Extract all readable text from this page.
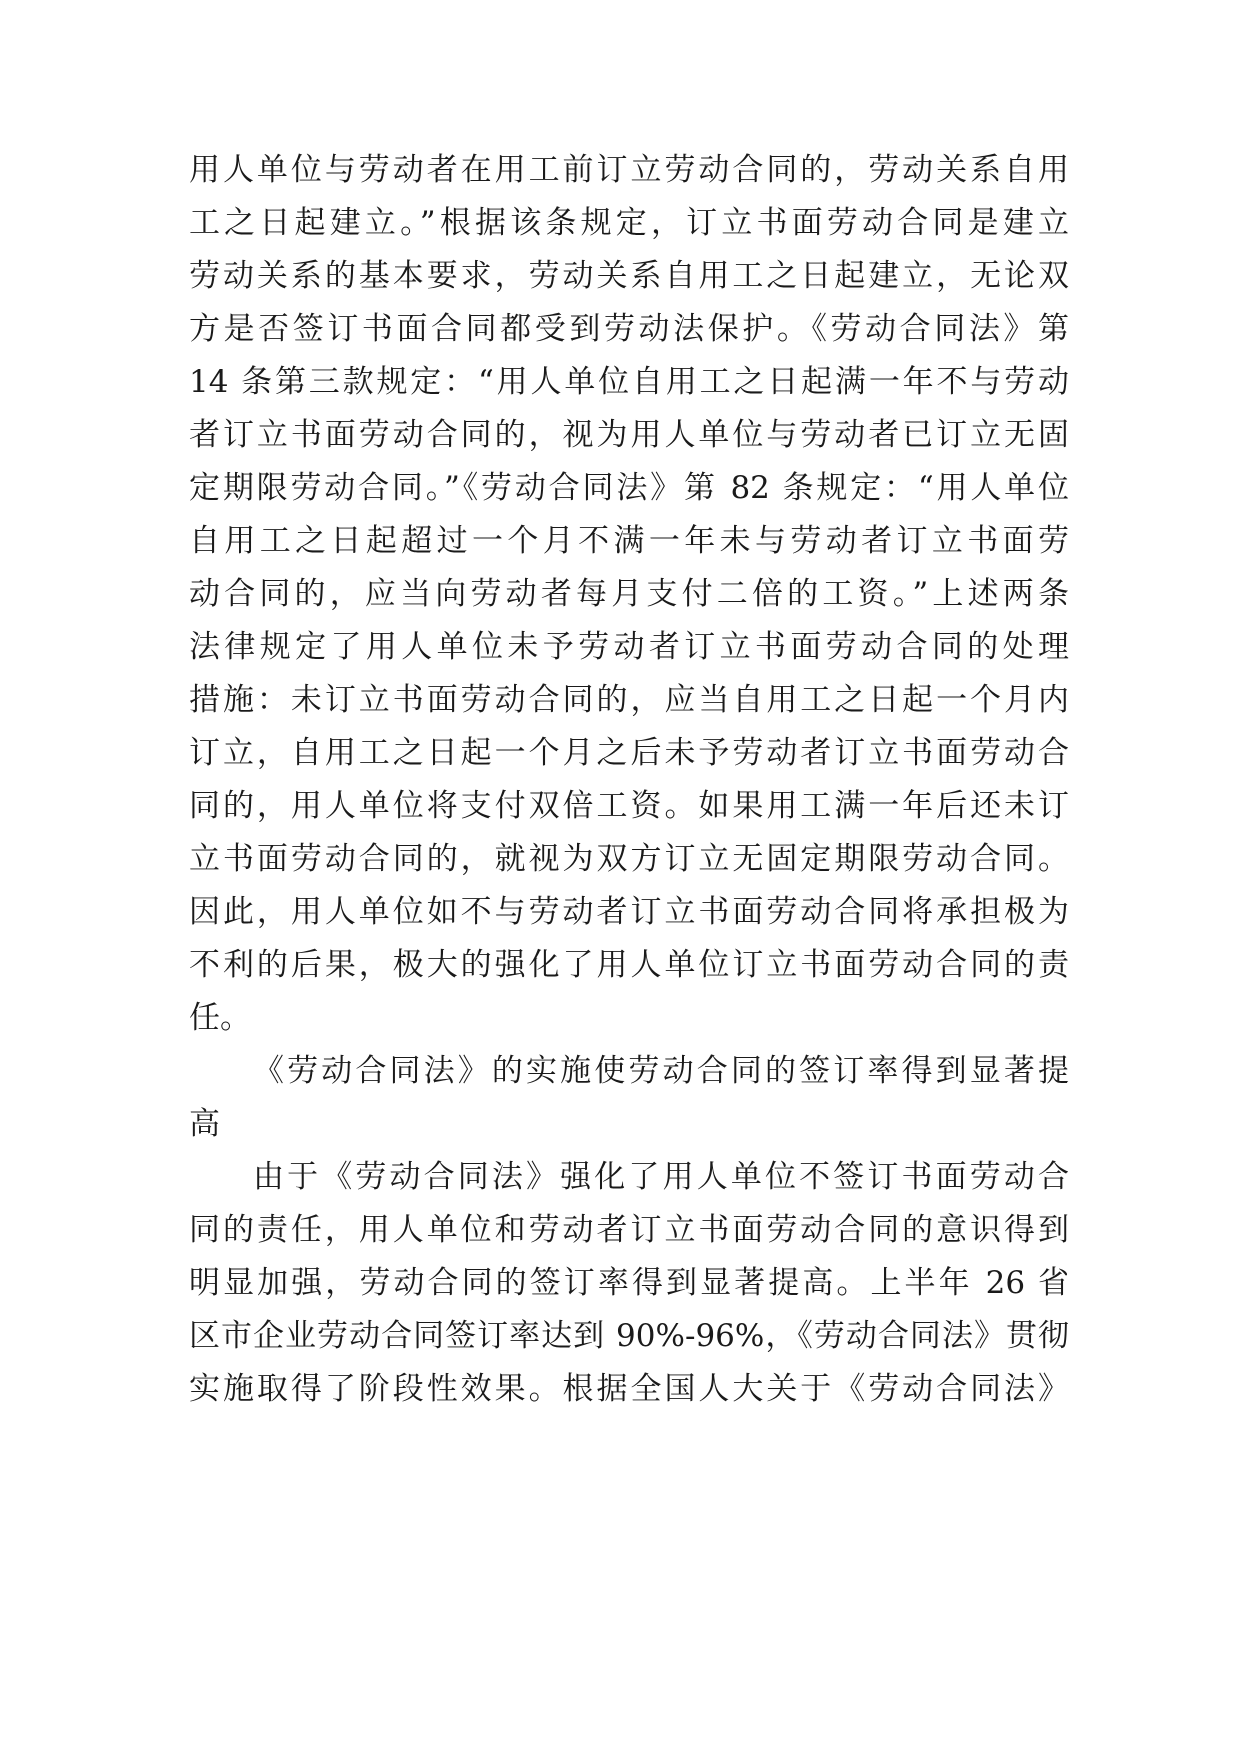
用人单位与劳动者在用工前订立劳动合同的，劳动关系自用
工之日起建立。”根据该条规定，订立书面劳动合同是建立
劳动关系的基本要求，劳动关系自用工之日起建立，无论双
方是否签订书面合同都受到劳动法保护。《劳动合同法》第
14 条第三款规定：“用人单位自用工之日起满一年不与劳动
者订立书面劳动合同的，视为用人单位与劳动者已订立无固
定期限劳动合同。”《劳动合同法》第 82 条规定：“用人单位
自用工之日起超过一个月不满一年未与劳动者订立书面劳
动合同的，应当向劳动者每月支付二倍的工资。”上述两条
法律规定了用人单位未予劳动者订立书面劳动合同的处理
措施：未订立书面劳动合同的，应当自用工之日起一个月内
订立，自用工之日起一个月之后未予劳动者订立书面劳动合
同的，用人单位将支付双倍工资。如果用工满一年后还未订
立书面劳动合同的，就视为双方订立无固定期限劳动合同。
因此，用人单位如不与劳动者订立书面劳动合同将承担极为
不利的后果，极大的强化了用人单位订立书面劳动合同的责
任。
《劳动合同法》的实施使劳动合同的签订率得到显著提
高
由于《劳动合同法》强化了用人单位不签订书面劳动合
同的责任，用人单位和劳动者订立书面劳动合同的意识得到
明显加强，劳动合同的签订率得到显著提高。上半年 26 省
区市企业劳动合同签订率达到 90%-96%，《劳动合同法》贯彻
实施取得了阶段性效果。根据全国人大关于《劳动合同法》
